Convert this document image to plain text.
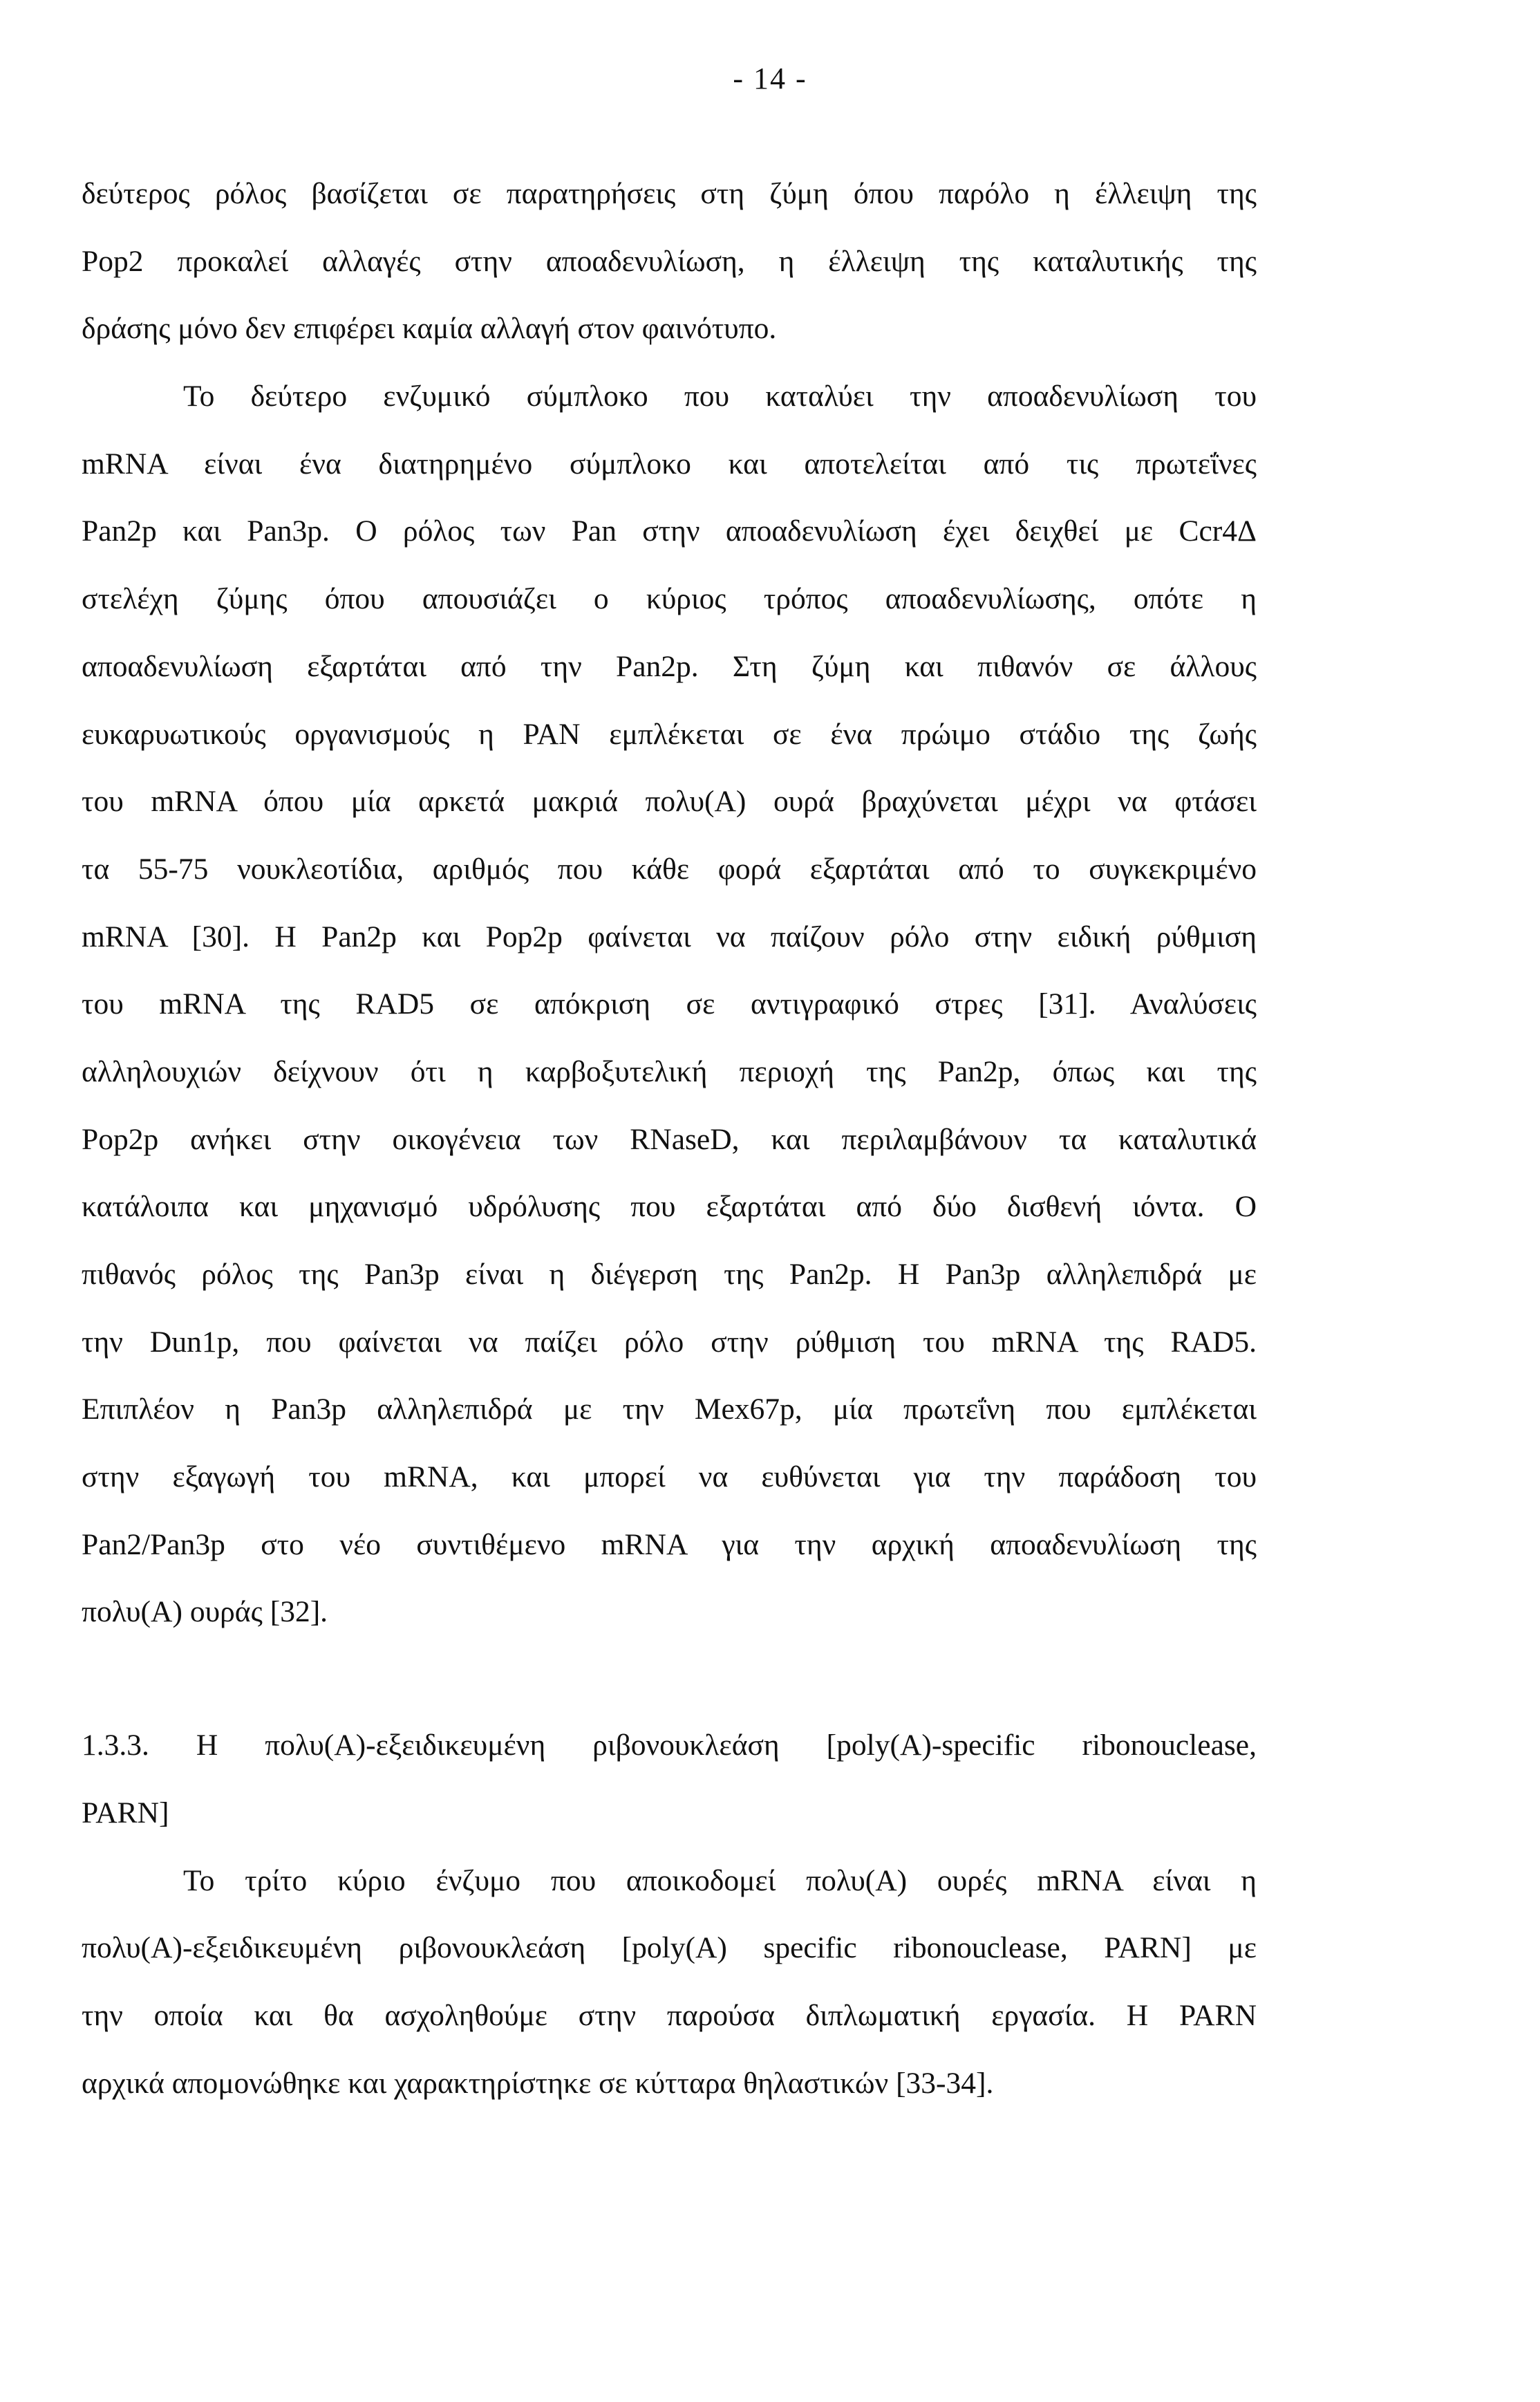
- 14 -
δεύτερος ρόλος βασίζεται σε παρατηρήσεις στη ζύμη όπου παρόλο η έλλειψη της
Pop2 προκαλεί αλλαγές στην αποαδενυλίωση, η έλλειψη της καταλυτικής της
δράσης μόνο δεν επιφέρει καμία αλλαγή στον φαινότυπο.
Το δεύτερο ενζυμικό σύμπλοκο που καταλύει την αποαδενυλίωση του
mRNA είναι ένα διατηρημένο σύμπλοκο και αποτελείται από τις πρωτεΐνες
Pan2p και Pan3p. O ρόλος των Pan στην αποαδενυλίωση έχει δειχθεί με Ccr4Δ
στελέχη ζύμης όπου απουσιάζει ο κύριος τρόπος αποαδενυλίωσης, οπότε η
αποαδενυλίωση εξαρτάται από την Pan2p. Στη ζύμη και πιθανόν σε άλλους
ευκαρυωτικούς οργανισμούς η PAN εμπλέκεται σε ένα πρώιμο στάδιο της ζωής
του mRNA όπου μία αρκετά μακριά πολυ(Α) ουρά βραχύνεται μέχρι να φτάσει
τα 55-75 νουκλεοτίδια, αριθμός που κάθε φορά εξαρτάται από το συγκεκριμένο
mRNA [30]. Η Pan2p και Pop2p φαίνεται να παίζουν ρόλο στην ειδική ρύθμιση
του mRNA της RAD5 σε απόκριση σε αντιγραφικό στρες [31]. Αναλύσεις
αλληλουχιών δείχνουν ότι η καρβοξυτελική περιοχή της Pan2p, όπως και της
Pop2p ανήκει στην οικογένεια των RNaseD, και περιλαμβάνουν τα καταλυτικά
κατάλοιπα και μηχανισμό υδρόλυσης που εξαρτάται από δύο δισθενή ιόντα. Ο
πιθανός ρόλος της Pan3p είναι η διέγερση της Pan2p. Η Pan3p αλληλεπιδρά με
την Dun1p, που φαίνεται να παίζει ρόλο στην ρύθμιση του mRNA της RAD5.
Επιπλέον η Pan3p αλληλεπιδρά με την Mex67p, μία πρωτεΐνη που εμπλέκεται
στην εξαγωγή του mRNA, και μπορεί να ευθύνεται για την παράδοση του
Pan2/Pan3p στο νέο συντιθέμενο mRNA για την αρχική αποαδενυλίωση της
πολυ(Α) ουράς [32].
1.3.3. Η πολυ(Α)-εξειδικευμένη ριβονουκλεάση [poly(A)-specific ribonouclease,
PARN]
Το τρίτο κύριο ένζυμο που αποικοδομεί πολυ(Α) ουρές mRNA είναι η
πολυ(Α)-εξειδικευμένη ριβονουκλεάση [poly(A) specific ribonouclease, PARN] με
την οποία και θα ασχοληθούμε στην παρούσα διπλωματική εργασία. Η PARN
αρχικά απομονώθηκε και χαρακτηρίστηκε σε κύτταρα θηλαστικών [33-34].
